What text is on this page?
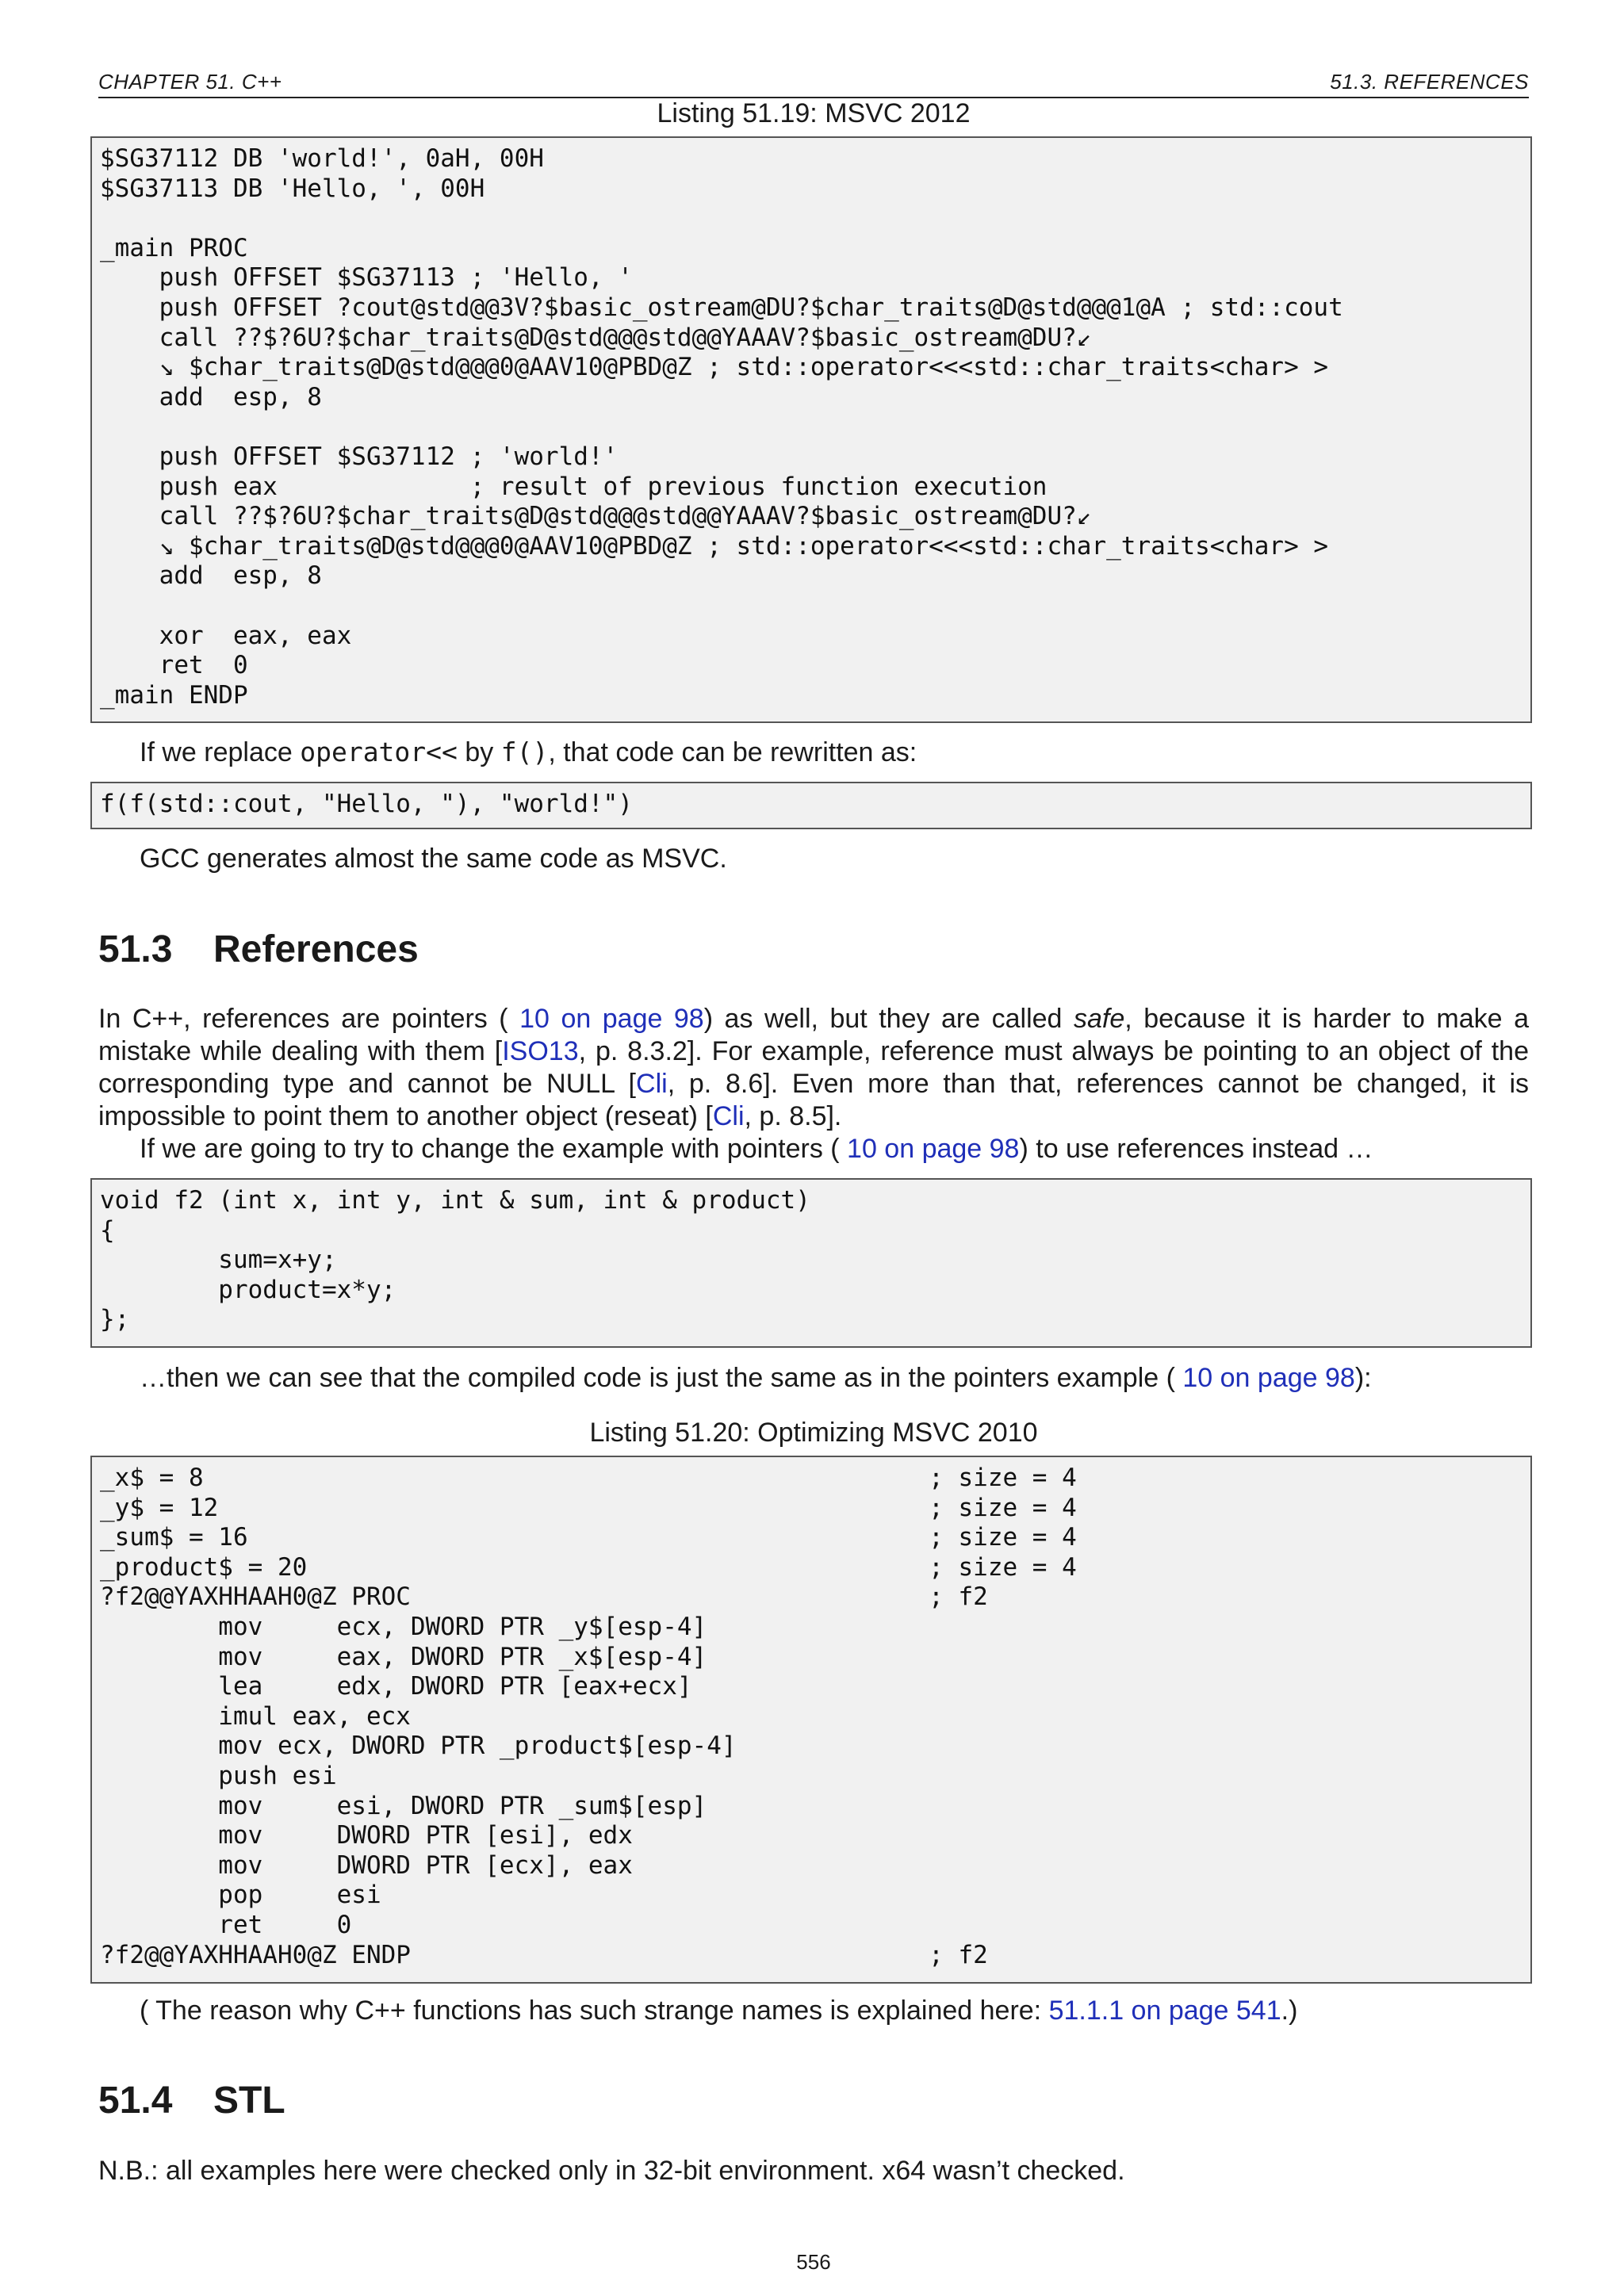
CHAPTER 51. C++	51.3. REFERENCES
Listing 51.19: MSVC 2012
$SG37112 DB 'world!', 0aH, 00H
$SG37113 DB 'Hello, ', 00H

_main PROC
push OFFSET $SG37113 ; 'Hello, '
push OFFSET ?cout@std@@3V?$basic_ostream@DU?$char_traits@D@std@@@1@A ; std::cout
call ??$?6U?$char_traits@D@std@@@std@@YAAAV?$basic_ostream@DU?↙
↘ $char_traits@D@std@@@0@AAV10@PBD@Z ; std::operator<<<std::char_traits<char> >
add  esp, 8

push OFFSET $SG37112 ; 'world!'
push eax             ; result of previous function execution
call ??$?6U?$char_traits@D@std@@@std@@YAAAV?$basic_ostream@DU?↙
↘ $char_traits@D@std@@@0@AAV10@PBD@Z ; std::operator<<<std::char_traits<char> >
add  esp, 8

xor  eax, eax
ret  0
_main ENDP
If we replace operator<< by f(), that code can be rewritten as:
f(f(std::cout, "Hello, "), "world!")
GCC generates almost the same code as MSVC.
51.3 References
In C++, references are pointers ( 10 on page 98) as well, but they are called safe, because it is harder to make a mistake while dealing with them [ISO13, p. 8.3.2]. For example, reference must always be pointing to an object of the corresponding type and cannot be NULL [Cli, p. 8.6]. Even more than that, references cannot be changed, it is impossible to point them to another object (reseat) [Cli, p. 8.5].
If we are going to try to change the example with pointers ( 10 on page 98) to use references instead …
void f2 (int x, int y, int & sum, int & product)
{
sum=x+y;
product=x*y;
};
…then we can see that the compiled code is just the same as in the pointers example ( 10 on page 98):
Listing 51.20: Optimizing MSVC 2010
_x$ = 8                                                 ; size = 4
_y$ = 12                                                ; size = 4
_sum$ = 16                                              ; size = 4
_product$ = 20                                          ; size = 4
?f2@@YAXHHAAH0@Z PROC                                   ; f2
mov     ecx, DWORD PTR _y$[esp-4]
mov     eax, DWORD PTR _x$[esp-4]
lea     edx, DWORD PTR [eax+ecx]
imul eax, ecx
mov ecx, DWORD PTR _product$[esp-4]
push esi
mov     esi, DWORD PTR _sum$[esp]
mov     DWORD PTR [esi], edx
mov     DWORD PTR [ecx], eax
pop     esi
ret     0
?f2@@YAXHHAAH0@Z ENDP                                   ; f2
( The reason why C++ functions has such strange names is explained here: 51.1.1 on page 541.)
51.4 STL
N.B.: all examples here were checked only in 32-bit environment. x64 wasn’t checked.
556
